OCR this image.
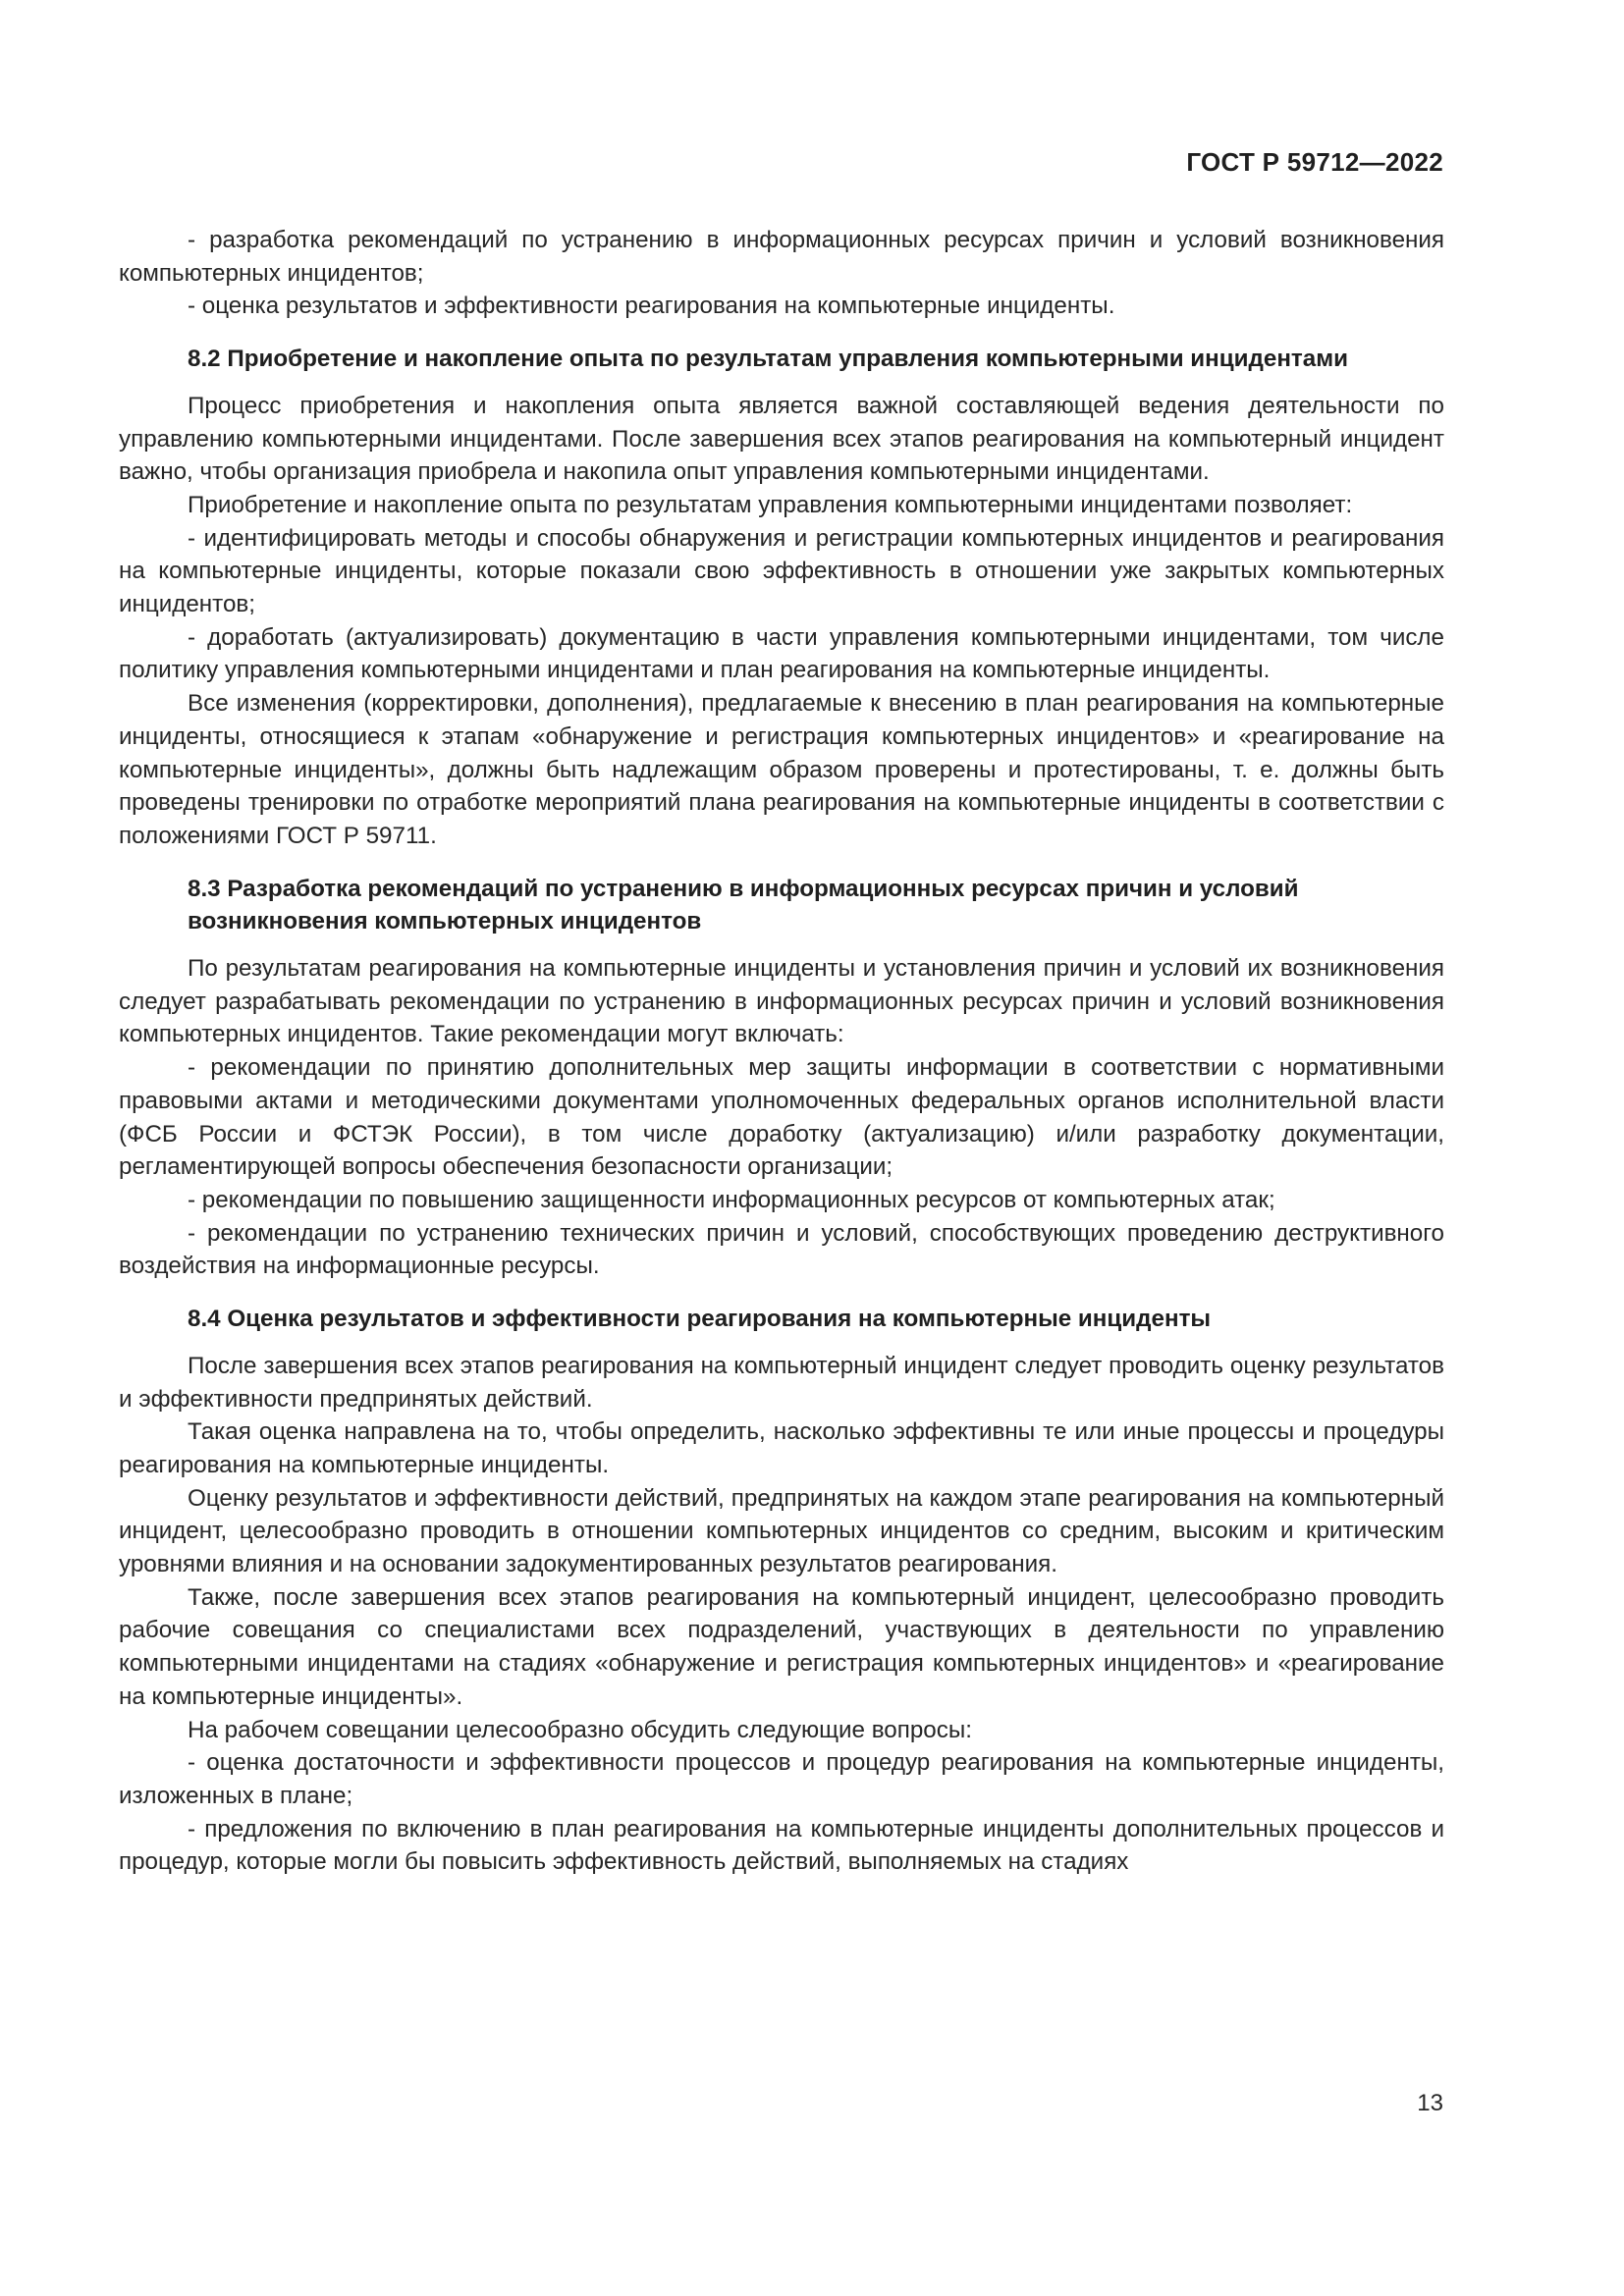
ГОСТ Р 59712—2022

- разработка рекомендаций по устранению в информационных ресурсах причин и условий возникновения компьютерных инцидентов;

- оценка результатов и эффективности реагирования на компьютерные инциденты.

8.2 Приобретение и накопление опыта по результатам управления компьютерными инцидентами

Процесс приобретения и накопления опыта является важной составляющей ведения деятельности по управлению компьютерными инцидентами. После завершения всех этапов реагирования на компьютерный инцидент важно, чтобы организация приобрела и накопила опыт управления компьютерными инцидентами.

Приобретение и накопление опыта по результатам управления компьютерными инцидентами позволяет:

- идентифицировать методы и способы обнаружения и регистрации компьютерных инцидентов и реагирования на компьютерные инциденты, которые показали свою эффективность в отношении уже закрытых компьютерных инцидентов;

- доработать (актуализировать) документацию в части управления компьютерными инцидентами, том числе политику управления компьютерными инцидентами и план реагирования на компьютерные инциденты.

Все изменения (корректировки, дополнения), предлагаемые к внесению в план реагирования на компьютерные инциденты, относящиеся к этапам «обнаружение и регистрация компьютерных инцидентов» и «реагирование на компьютерные инциденты», должны быть надлежащим образом проверены и протестированы, т. е. должны быть проведены тренировки по отработке мероприятий плана реагирования на компьютерные инциденты в соответствии с положениями ГОСТ Р 59711.

8.3 Разработка рекомендаций по устранению в информационных ресурсах причин и условий возникновения компьютерных инцидентов

По результатам реагирования на компьютерные инциденты и установления причин и условий их возникновения следует разрабатывать рекомендации по устранению в информационных ресурсах причин и условий возникновения компьютерных инцидентов. Такие рекомендации могут включать:

- рекомендации по принятию дополнительных мер защиты информации в соответствии с нормативными правовыми актами и методическими документами уполномоченных федеральных органов исполнительной власти (ФСБ России и ФСТЭК России), в том числе доработку (актуализацию) и/или разработку документации, регламентирующей вопросы обеспечения безопасности организации;

- рекомендации по повышению защищенности информационных ресурсов от компьютерных атак;

- рекомендации по устранению технических причин и условий, способствующих проведению деструктивного воздействия на информационные ресурсы.

8.4 Оценка результатов и эффективности реагирования на компьютерные инциденты

После завершения всех этапов реагирования на компьютерный инцидент следует проводить оценку результатов и эффективности предпринятых действий.

Такая оценка направлена на то, чтобы определить, насколько эффективны те или иные процессы и процедуры реагирования на компьютерные инциденты.

Оценку результатов и эффективности действий, предпринятых на каждом этапе реагирования на компьютерный инцидент, целесообразно проводить в отношении компьютерных инцидентов со средним, высоким и критическим уровнями влияния и на основании задокументированных результатов реагирования.

Также, после завершения всех этапов реагирования на компьютерный инцидент, целесообразно проводить рабочие совещания со специалистами всех подразделений, участвующих в деятельности по управлению компьютерными инцидентами на стадиях «обнаружение и регистрация компьютерных инцидентов» и «реагирование на компьютерные инциденты».

На рабочем совещании целесообразно обсудить следующие вопросы:

- оценка достаточности и эффективности процессов и процедур реагирования на компьютерные инциденты, изложенных в плане;

- предложения по включению в план реагирования на компьютерные инциденты дополнительных процессов и процедур, которые могли бы повысить эффективность действий, выполняемых на стадиях

13
